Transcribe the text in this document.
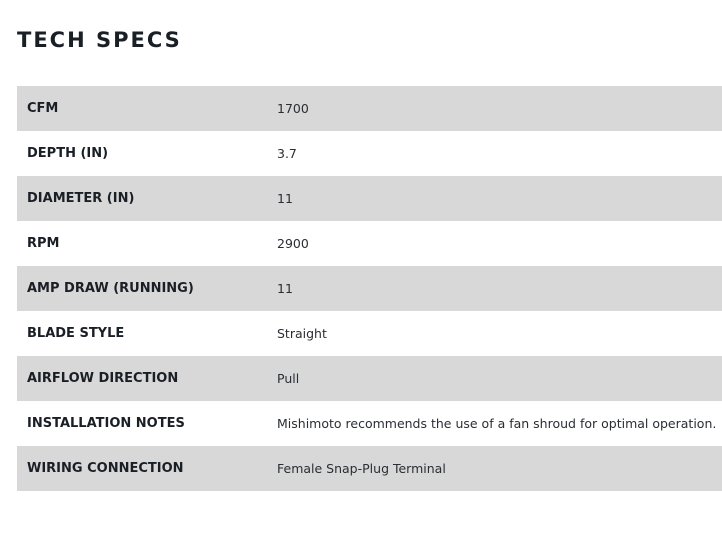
TECH SPECS
CFM	1700
DEPTH (IN)	3.7
DIAMETER (IN)	11
RPM	2900
AMP DRAW (RUNNING)	11
BLADE STYLE	Straight
AIRFLOW DIRECTION	Pull
INSTALLATION NOTES	Mishimoto recommends the use of a fan shroud for optimal operation.
WIRING CONNECTION	Female Snap-Plug Terminal
